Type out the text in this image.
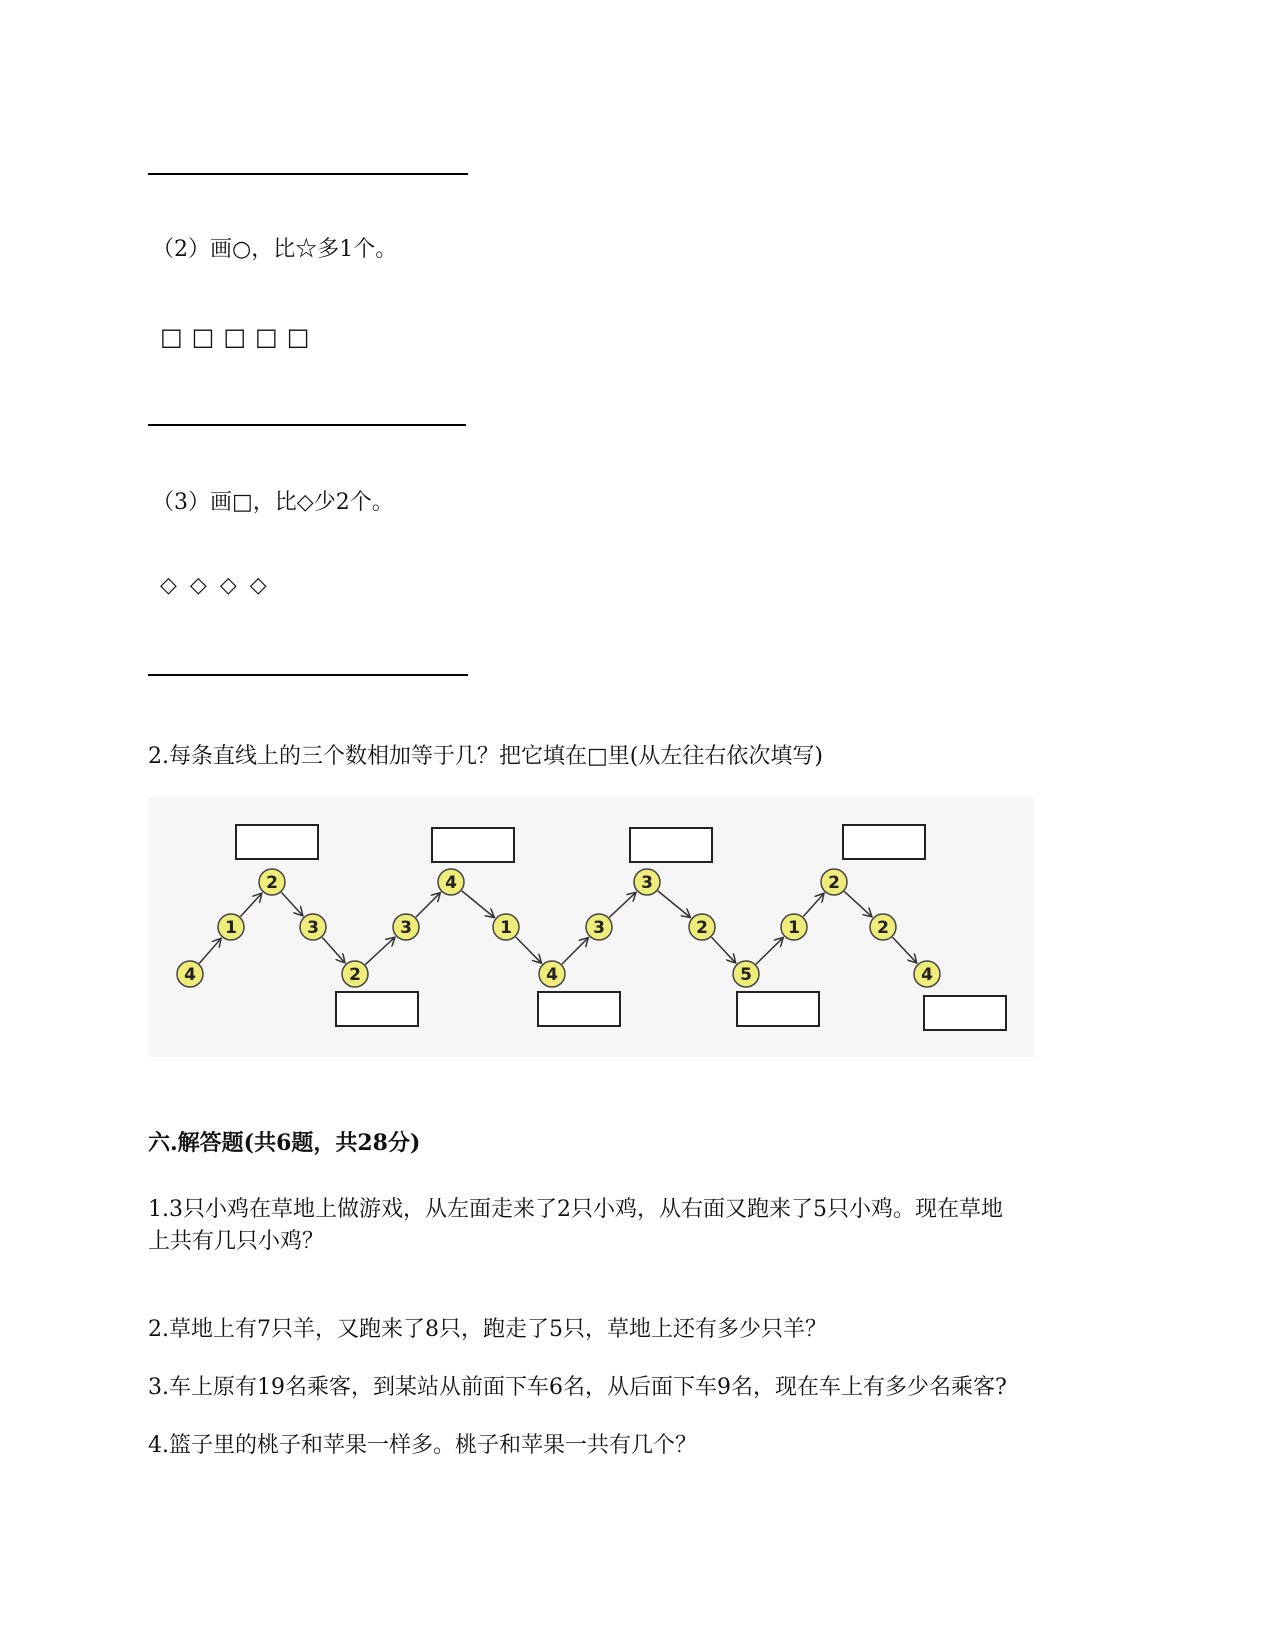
（2）画○，比☆多1个。
□□□□□
（3）画□，比◇少2个。
◇◇◇◇
2.每条直线上的三个数相加等于几？把它填在□里(从左往右依次填写)
4
1
2
3
2
3
4
1
4
3
3
2
5
1
2
2
4
六.解答题(共6题，共28分)
1.3只小鸡在草地上做游戏，从左面走来了2只小鸡，从右面又跑来了5只小鸡。现在草地
上共有几只小鸡？
2.草地上有7只羊，又跑来了8只，跑走了5只，草地上还有多少只羊？
3.车上原有19名乘客，到某站从前面下车6名，从后面下车9名，现在车上有多少名乘客?
4.篮子里的桃子和苹果一样多。桃子和苹果一共有几个？
